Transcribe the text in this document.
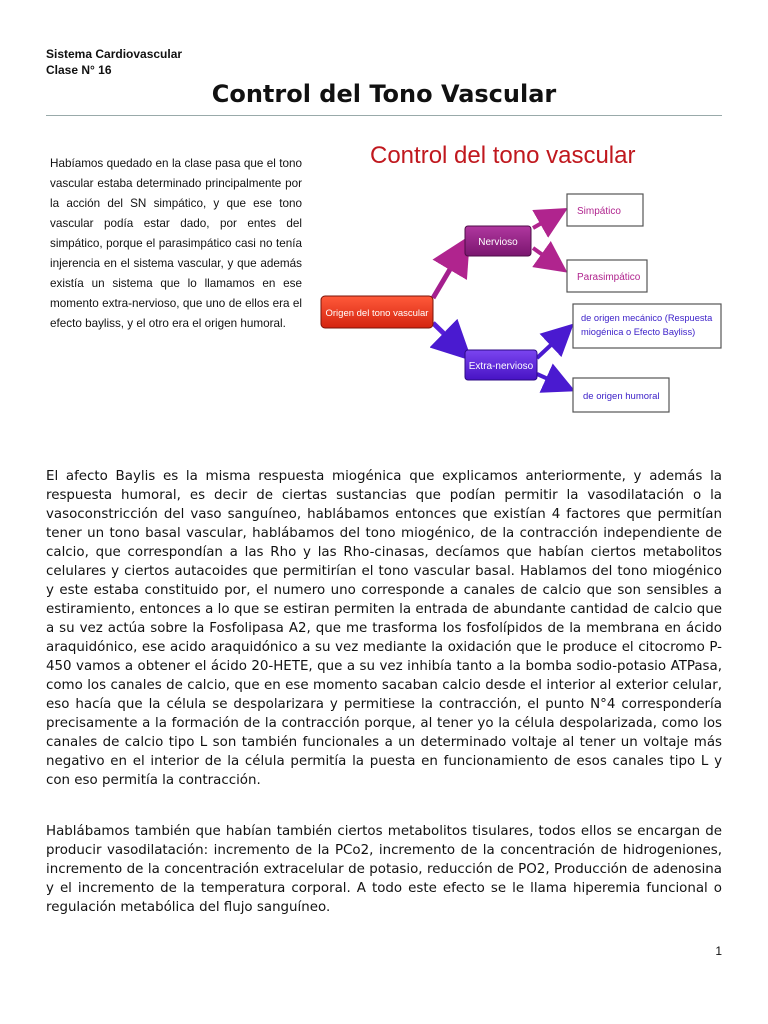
Sistema Cardiovascular
Clase N° 16
Control del Tono Vascular
Habíamos quedado en la clase pasa que el tono vascular estaba determinado principalmente por la acción del SN simpático, y que ese tono vascular podía estar dado, por entes del simpático, porque el parasimpático casi no tenía injerencia en el sistema vascular, y que además existía un sistema que lo llamamos en ese momento extra-nervioso, que uno de ellos era el efecto bayliss, y el otro era el origen humoral.
Control del tono vascular
Origen del tono vascular
Nervioso
Extra-nervioso
Simpático
Parasimpático
de origen mecánico (Respuesta
miogénica o Efecto Bayliss)
de origen humoral
El afecto Baylis es la misma respuesta miogénica que explicamos anteriormente, y además la respuesta humoral, es decir de ciertas sustancias que podían permitir la vasodilatación o la vasoconstricción del vaso sanguíneo, hablábamos entonces que existían 4 factores que permitían tener un tono basal vascular, hablábamos del tono miogénico, de la contracción independiente de calcio, que correspondían a las Rho y las Rho-cinasas, decíamos que habían ciertos metabolitos celulares y ciertos autacoides que permitirían el tono vascular basal. Hablamos del tono miogénico y este estaba constituido por, el numero uno corresponde a canales de calcio que son sensibles a estiramiento, entonces a lo que se estiran permiten la entrada de abundante cantidad de calcio que a su vez actúa sobre la Fosfolipasa A2, que me trasforma los fosfolípidos de la membrana en ácido araquidónico, ese acido araquidónico a su vez mediante la oxidación que le produce el citocromo P-450 vamos a obtener el ácido 20-HETE, que a su vez inhibía tanto a la bomba sodio-potasio ATPasa, como los canales de calcio, que en ese momento sacaban calcio desde el interior al exterior celular, eso hacía que la célula se despolarizara y permitiese la contracción, el punto N°4 correspondería precisamente a la formación de la contracción porque, al tener yo la célula despolarizada, como los canales de calcio tipo L son también funcionales a un determinado voltaje al tener un voltaje más negativo en el interior de la célula permitía la puesta en funcionamiento de esos canales tipo L y con eso permitía la contracción.
Hablábamos también que habían también ciertos metabolitos tisulares, todos ellos se encargan de producir vasodilatación: incremento de la PCo2, incremento de la concentración de hidrogeniones, incremento de la concentración extracelular de potasio, reducción de PO2, Producción de adenosina y el incremento de la temperatura corporal. A todo este efecto se le llama hiperemia funcional o regulación metabólica del flujo sanguíneo.
1
